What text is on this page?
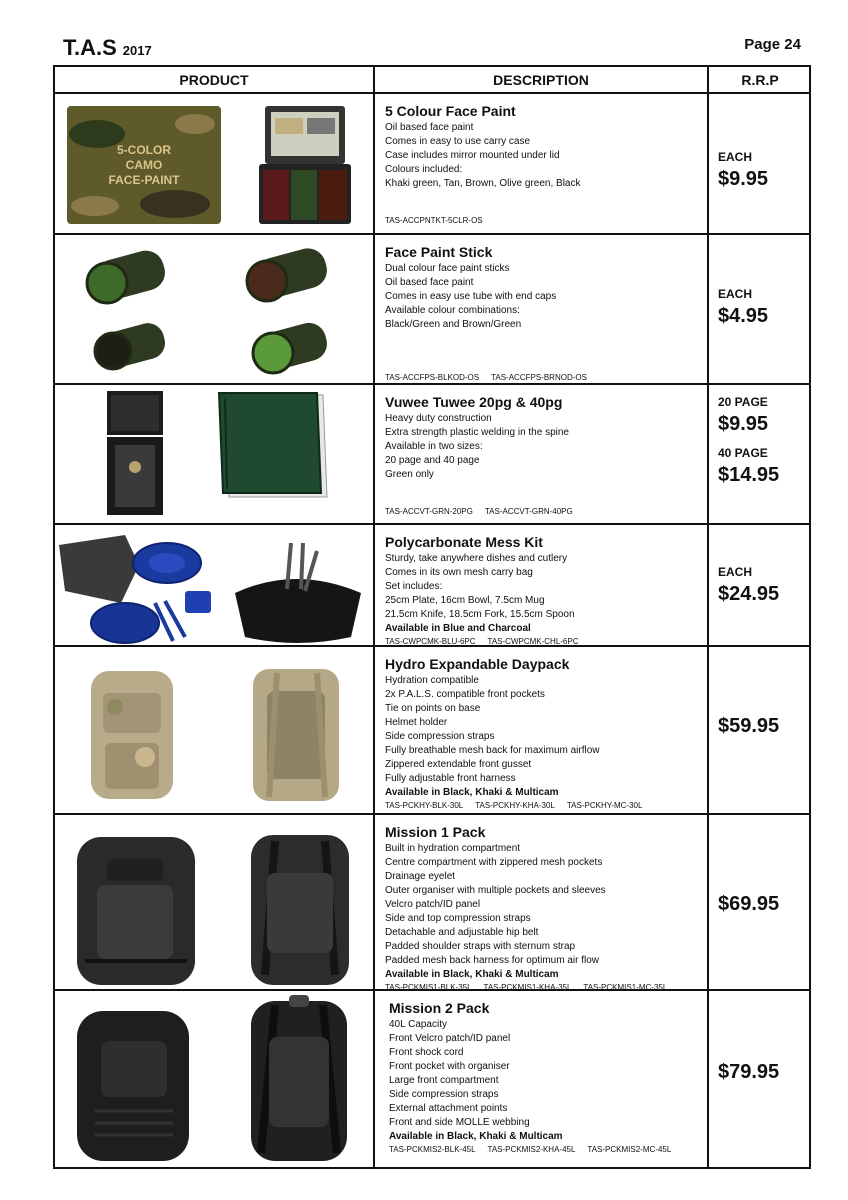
T.A.S 2017	Page 24
PRODUCT	DESCRIPTION	R.R.P
5-COLOR
CAMO
FACE-PAINT
5 Colour Face Paint
Oil based face paint
Comes in easy to use carry case
Case includes mirror mounted under lid
Colours included:
Khaki green, Tan, Brown, Olive green, Black
TAS-ACCPNTKT-5CLR-OS
EACH
$9.95
Face Paint Stick
Dual colour face paint sticks
Oil based face paint
Comes in easy use tube with end caps
Available colour combinations:
Black/Green and Brown/Green
TAS-ACCFPS-BLKOD-OS TAS-ACCFPS-BRNOD-OS
EACH
$4.95
Vuwee Tuwee 20pg & 40pg
Heavy duty construction
Extra strength plastic welding in the spine
Available in two sizes:
20 page and 40 page
Green only
TAS-ACCVT-GRN-20PG TAS-ACCVT-GRN-40PG
20 PAGE
$9.95
40 PAGE
$14.95
Polycarbonate Mess Kit
Sturdy, take anywhere dishes and cutlery
Comes in its own mesh carry bag
Set includes:
25cm Plate, 16cm Bowl, 7.5cm Mug
21.5cm Knife, 18.5cm Fork, 15.5cm Spoon
Available in Blue and Charcoal
TAS-CWPCMK-BLU-6PC TAS-CWPCMK-CHL-6PC
EACH
$24.95
Hydro Expandable Daypack
Hydration compatible
2x P.A.L.S. compatible front pockets
Tie on points on base
Helmet holder
Side compression straps
Fully breathable mesh back for maximum airflow
Zippered extendable front gusset
Fully adjustable front harness
Available in Black, Khaki & Multicam
TAS-PCKHY-BLK-30L TAS-PCKHY-KHA-30L TAS-PCKHY-MC-30L
$59.95
Mission 1 Pack
Built in hydration compartment
Centre compartment with zippered mesh pockets
Drainage eyelet
Outer organiser with multiple pockets and sleeves
Velcro patch/ID panel
Side and top compression straps
Detachable and adjustable hip belt
Padded shoulder straps with sternum strap
Padded mesh back harness for optimum air flow
Available in Black, Khaki & Multicam
TAS-PCKMIS1-BLK-35L TAS-PCKMIS1-KHA-35L TAS-PCKMIS1-MC-35L
$69.95
Mission 2 Pack
40L Capacity
Front Velcro patch/ID panel
Front shock cord
Front pocket with organiser
Large front compartment
Side compression straps
External attachment points
Front and side MOLLE webbing
Available in Black, Khaki & Multicam
TAS-PCKMIS2-BLK-45L TAS-PCKMIS2-KHA-45L TAS-PCKMIS2-MC-45L
$79.95
